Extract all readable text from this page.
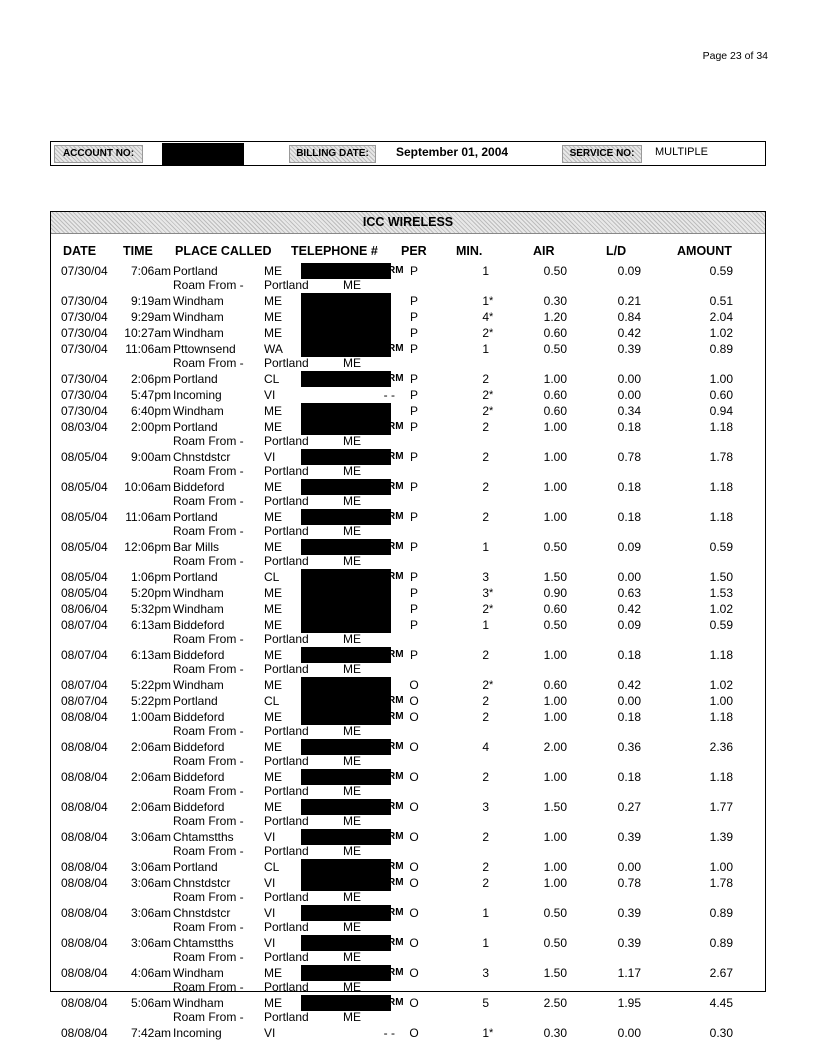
Page 23 of 34
ACCOUNT NO:	BILLING DATE:	September 01, 2004	SERVICE NO:	MULTIPLE
ICC WIRELESS
DATE TIME PLACE CALLED TELEPHONE # PER MIN.	AIR	L/D	AMOUNT
07/30/04	7:06am Portland	ME	RM P	1	0.50	0.09	0.59
Roam From - Portland	ME
07/30/04	9:19am Windham	ME	P	1 *	0.30	0.21	0.51
07/30/04	9:29am Windham	ME	P	4 *	1.20	0.84	2.04
07/30/04	10:27am Windham	ME	P	2 *	0.60	0.42	1.02
07/30/04	11:06am Pttownsend WA	RM P	1	0.50	0.39	0.89
Roam From - Portland	ME
07/30/04	2:06pm Portland	CL	RM P	2	1.00	0.00	1.00
07/30/04	5:47pm Incoming	VI	- - P	2 *	0.60	0.00	0.60
07/30/04	6:40pm Windham	ME	P	2 *	0.60	0.34	0.94
08/03/04	2:00pm Portland	ME	RM P	2	1.00	0.18	1.18
Roam From - Portland	ME
08/05/04	9:00am Chnstdstcr	VI	RM P	2	1.00	0.78	1.78
Roam From - Portland	ME
08/05/04	10:06am Biddeford	ME	RM P	2	1.00	0.18	1.18
Roam From - Portland	ME
08/05/04	11:06am Portland	ME	RM P	2	1.00	0.18	1.18
Roam From - Portland	ME
08/05/04	12:06pm Bar Mills	ME	RM P	1	0.50	0.09	0.59
Roam From - Portland	ME
08/05/04	1:06pm Portland	CL	RM P	3	1.50	0.00	1.50
08/05/04	5:20pm Windham	ME	P	3 *	0.90	0.63	1.53
08/06/04	5:32pm Windham	ME	P	2 *	0.60	0.42	1.02
08/07/04	6:13am Biddeford	ME	P	1	0.50	0.09	0.59
Roam From - Portland	ME
08/07/04	6:13am Biddeford	ME	RM P	2	1.00	0.18	1.18
Roam From - Portland	ME
08/07/04	5:22pm Windham	ME	O	2 *	0.60	0.42	1.02
08/07/04	5:22pm Portland	CL	RM O	2	1.00	0.00	1.00
08/08/04	1:00am Biddeford	ME	RM O	2	1.00	0.18	1.18
Roam From - Portland	ME
08/08/04	2:06am Biddeford	ME	RM O	4	2.00	0.36	2.36
Roam From - Portland	ME
08/08/04	2:06am Biddeford	ME	RM O	2	1.00	0.18	1.18
Roam From - Portland	ME
08/08/04	2:06am Biddeford	ME	RM O	3	1.50	0.27	1.77
Roam From - Portland	ME
08/08/04	3:06am Chtamstths	VI	RM O	2	1.00	0.39	1.39
Roam From - Portland	ME
08/08/04	3:06am Portland	CL	RM O	2	1.00	0.00	1.00
08/08/04	3:06am Chnstdstcr	VI	RM O	2	1.00	0.78	1.78
Roam From - Portland	ME
08/08/04	3:06am Chnstdstcr	VI	RM O	1	0.50	0.39	0.89
Roam From - Portland	ME
08/08/04	3:06am Chtamstths	VI	RM O	1	0.50	0.39	0.89
Roam From - Portland	ME
08/08/04	4:06am Windham	ME	RM O	3	1.50	1.17	2.67
Roam From - Portland	ME
08/08/04	5:06am Windham	ME	RM O	5	2.50	1.95	4.45
Roam From - Portland	ME
08/08/04	7:42am Incoming	VI	- - O	1 *	0.30	0.00	0.30
